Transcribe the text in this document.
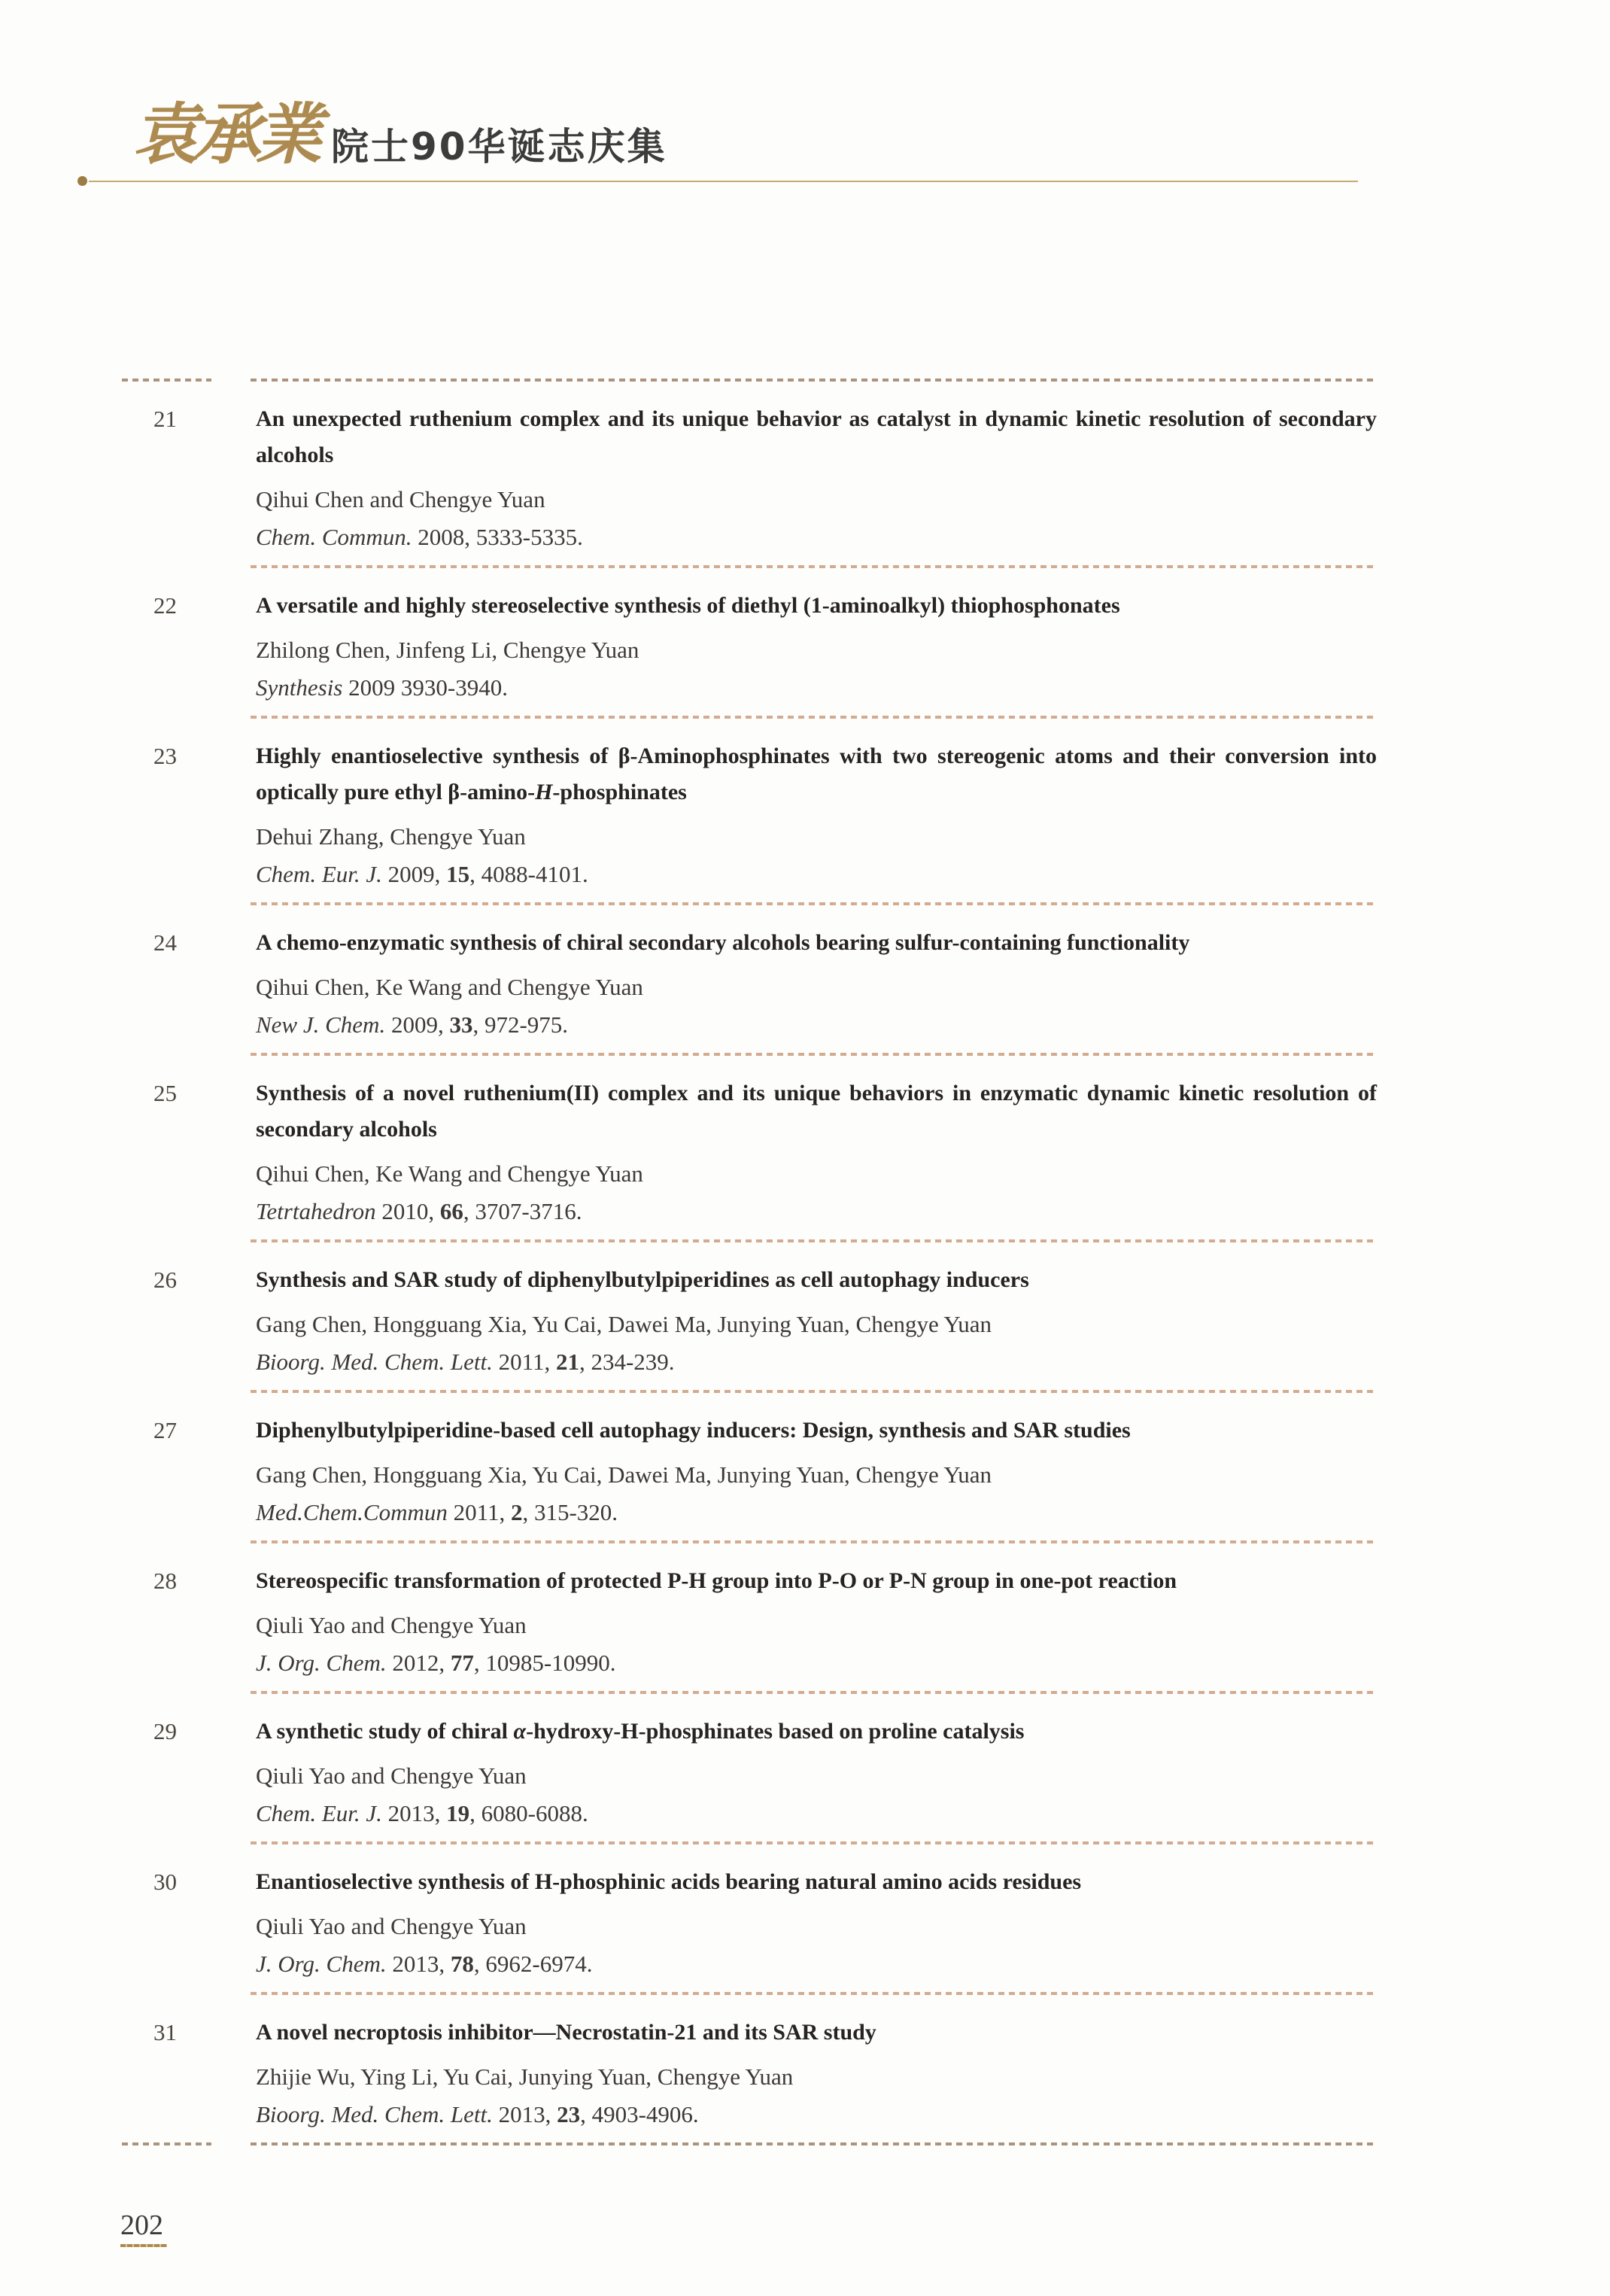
袁承業 院士90华诞志庆集
21	An unexpected ruthenium complex and its unique behavior as catalyst in dynamic kinetic resolution of secondary alcohols
Qihui Chen and Chengye Yuan
Chem. Commun. 2008, 5333-5335.
22	A versatile and highly stereoselective synthesis of diethyl (1-aminoalkyl) thiophosphonates
Zhilong Chen, Jinfeng Li, Chengye Yuan
Synthesis 2009 3930-3940.
23	Highly enantioselective synthesis of β-Aminophosphinates with two stereogenic atoms and their conversion into optically pure ethyl β-amino-H-phosphinates
Dehui Zhang, Chengye Yuan
Chem. Eur. J. 2009, 15, 4088-4101.
24	A chemo-enzymatic synthesis of chiral secondary alcohols bearing sulfur-containing functionality
Qihui Chen, Ke Wang and Chengye Yuan
New J. Chem. 2009, 33, 972-975.
25	Synthesis of a novel ruthenium(II) complex and its unique behaviors in enzymatic dynamic kinetic resolution of secondary alcohols
Qihui Chen, Ke Wang and Chengye Yuan
Tetrtahedron 2010, 66, 3707-3716.
26	Synthesis and SAR study of diphenylbutylpiperidines as cell autophagy inducers
Gang Chen, Hongguang Xia, Yu Cai, Dawei Ma, Junying Yuan, Chengye Yuan
Bioorg. Med. Chem. Lett. 2011, 21, 234-239.
27	Diphenylbutylpiperidine-based cell autophagy inducers: Design, synthesis and SAR studies
Gang Chen, Hongguang Xia, Yu Cai, Dawei Ma, Junying Yuan, Chengye Yuan
Med.Chem.Commun 2011, 2, 315-320.
28	Stereospecific transformation of protected P-H group into P-O or P-N group in one-pot reaction
Qiuli Yao and Chengye Yuan
J. Org. Chem. 2012, 77, 10985-10990.
29	A synthetic study of chiral α-hydroxy-H-phosphinates based on proline catalysis
Qiuli Yao and Chengye Yuan
Chem. Eur. J. 2013, 19, 6080-6088.
30	Enantioselective synthesis of H-phosphinic acids bearing natural amino acids residues
Qiuli Yao and Chengye Yuan
J. Org. Chem. 2013, 78, 6962-6974.
31	A novel necroptosis inhibitor—Necrostatin-21 and its SAR study
Zhijie Wu, Ying Li, Yu Cai, Junying Yuan, Chengye Yuan
Bioorg. Med. Chem. Lett. 2013, 23, 4903-4906.
202
